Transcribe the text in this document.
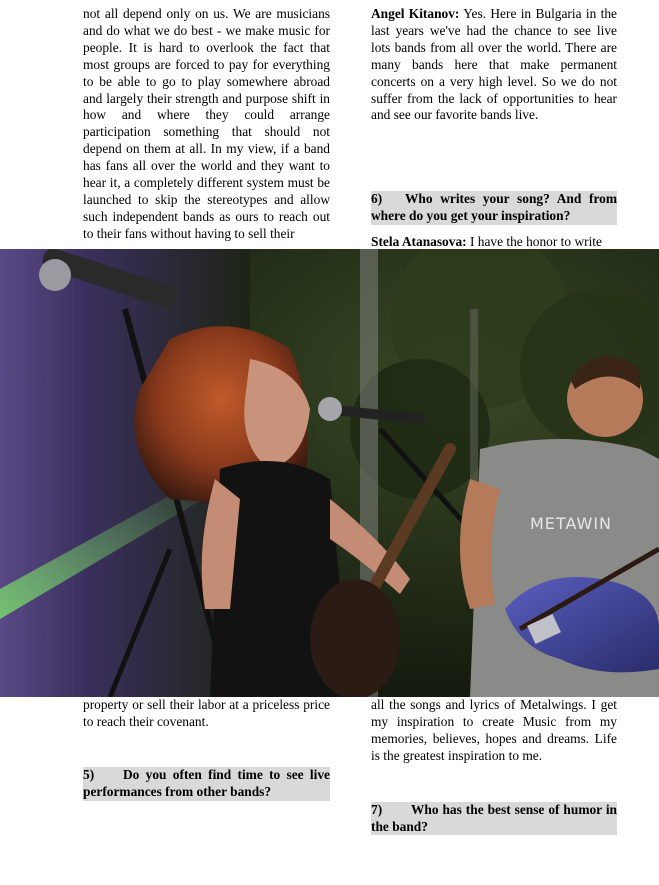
not all depend only on us. We are musicians and do what we do best - we make music for people. It is hard to overlook the fact that most groups are forced to pay for everything to be able to go to play somewhere abroad and largely their strength and purpose shift in how and where they could arrange participation something that should not depend on them at all. In my view, if a band has fans all over the world and they want to hear it, a completely different system must be launched to skip the stereotypes and allow such independent bands as ours to reach out to their fans without having to sell their

Angel Kitanov: Yes. Here in Bulgaria in the last years we've had the chance to see live lots bands from all over the world. There are many bands here that make permanent concerts on a very high level. So we do not suffer from the lack of opportunities to hear and see our favorite bands live.

6) Who writes your song? And from where do you get your inspiration?

Stela Atanasova: I have the honor to write

METAWIN

property or sell their labor at a priceless price to reach their covenant.

5) Do you often find time to see live performances from other bands?

all the songs and lyrics of Metalwings. I get my inspiration to create Music from my memories, believes, hopes and dreams. Life is the greatest inspiration to me.

7) Who has the best sense of humor in the band?
